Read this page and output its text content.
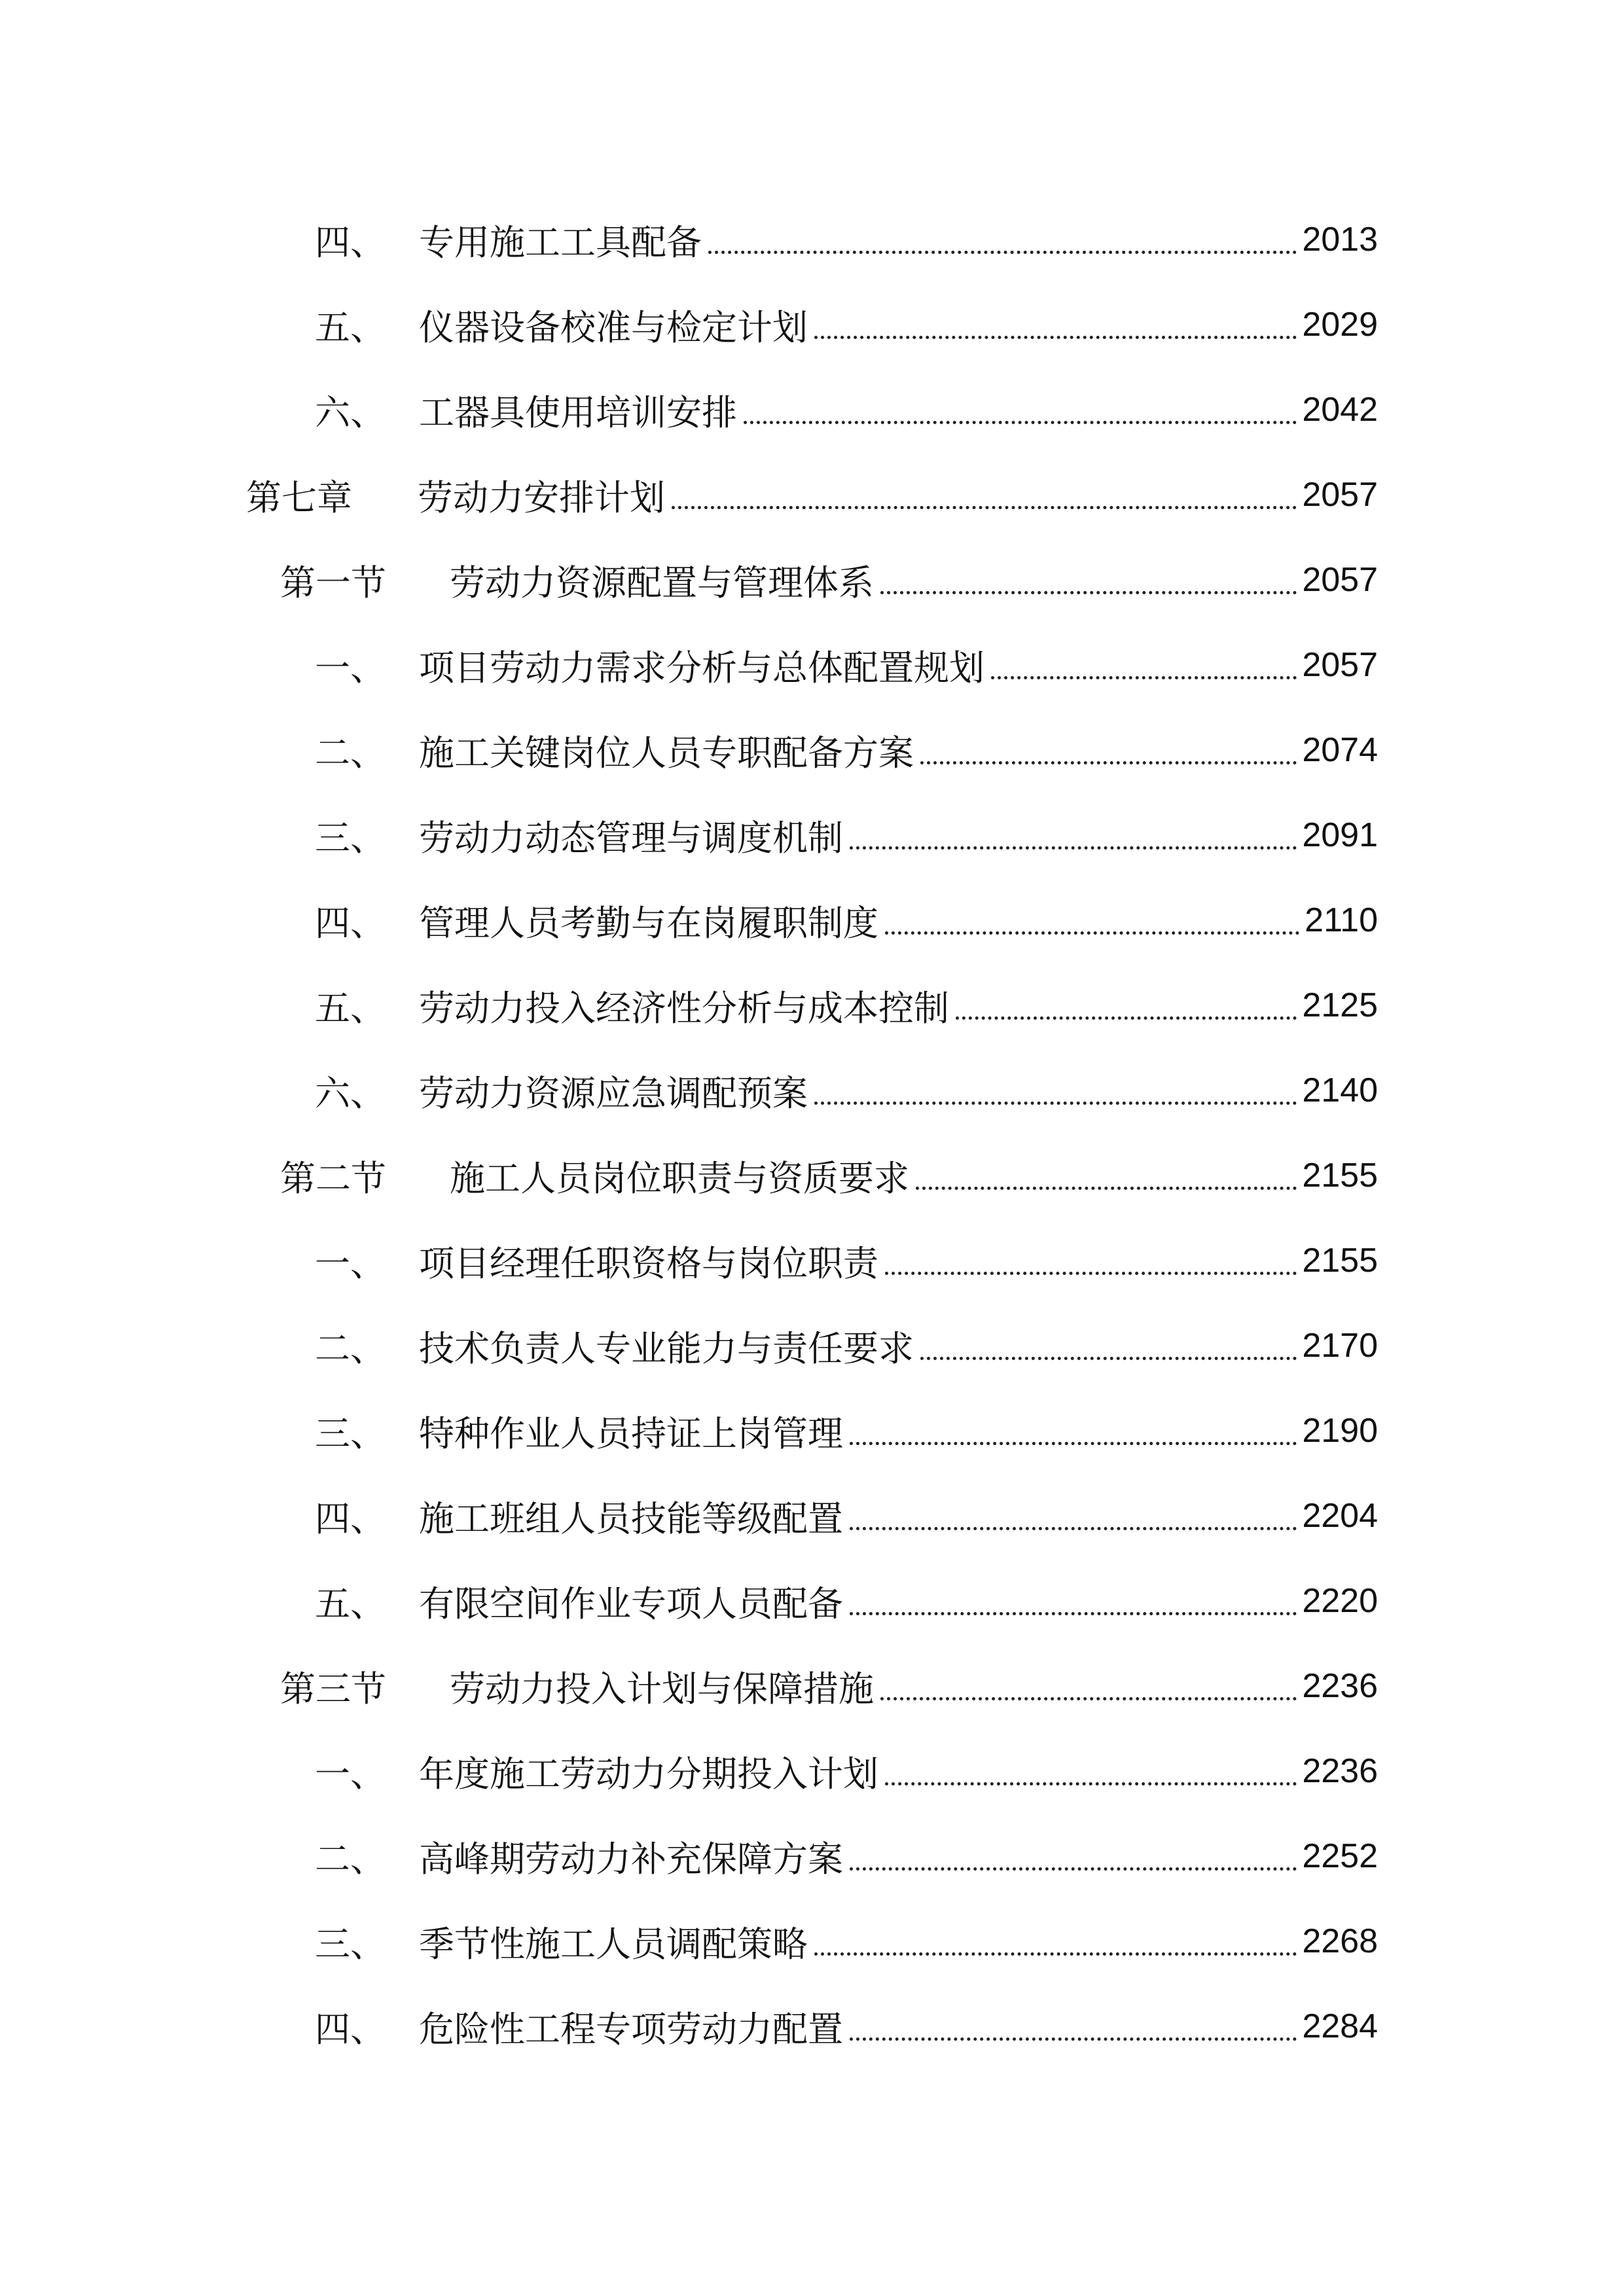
四、 专用施工工具配备	2013
五、 仪器设备校准与检定计划	2029
六、 工器具使用培训安排	2042
第七章	劳动力安排计划	2057
第一节	劳动力资源配置与管理体系	2057
一、 项目劳动力需求分析与总体配置规划	2057
二、 施工关键岗位人员专职配备方案	2074
三、 劳动力动态管理与调度机制	2091
四、 管理人员考勤与在岗履职制度	2110
五、 劳动力投入经济性分析与成本控制	2125
六、 劳动力资源应急调配预案	2140
第二节	施工人员岗位职责与资质要求	2155
一、 项目经理任职资格与岗位职责	2155
二、 技术负责人专业能力与责任要求	2170
三、 特种作业人员持证上岗管理	2190
四、 施工班组人员技能等级配置	2204
五、 有限空间作业专项人员配备	2220
第三节	劳动力投入计划与保障措施	2236
一、 年度施工劳动力分期投入计划	2236
二、 高峰期劳动力补充保障方案	2252
三、 季节性施工人员调配策略	2268
四、 危险性工程专项劳动力配置	2284
